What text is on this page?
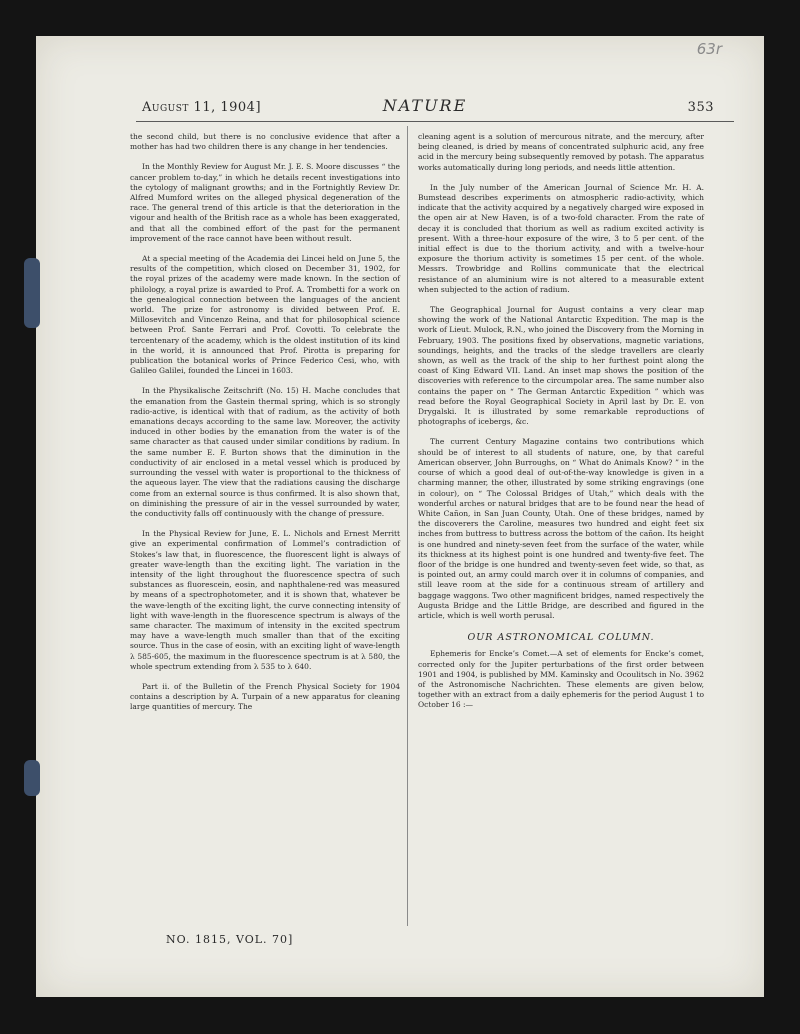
63r
August 11, 1904]	NATURE	353

the second child, but there is no conclusive evidence that after a mother has had two children there is any change in her tendencies.

In the Monthly Review for August Mr. J. E. S. Moore discusses “ the cancer problem to-day,” in which he details recent investigations into the cytology of malignant growths; and in the Fortnightly Review Dr. Alfred Mumford writes on the alleged physical degeneration of the race. The general trend of this article is that the deterioration in the vigour and health of the British race as a whole has been exaggerated, and that all the combined effort of the past for the permanent improvement of the race cannot have been without result.

At a special meeting of the Academia dei Lincei held on June 5, the results of the competition, which closed on December 31, 1902, for the royal prizes of the academy were made known. In the section of philology, a royal prize is awarded to Prof. A. Trombetti for a work on the genealogical connection between the languages of the ancient world. The prize for astronomy is divided between Prof. E. Millosevitch and Vincenzo Reina, and that for philosophical science between Prof. Sante Ferrari and Prof. Covotti. To celebrate the tercentenary of the academy, which is the oldest institution of its kind in the world, it is announced that Prof. Pirotta is preparing for publication the botanical works of Prince Federico Cesi, who, with Galileo Galilei, founded the Lincei in 1603.

In the Physikalische Zeitschrift (No. 15) H. Mache concludes that the emanation from the Gastein thermal spring, which is so strongly radio-active, is identical with that of radium, as the activity of both emanations decays according to the same law. Moreover, the activity induced in other bodies by the emanation from the water is of the same character as that caused under similar conditions by radium. In the same number E. F. Burton shows that the diminution in the conductivity of air enclosed in a metal vessel which is produced by surrounding the vessel with water is proportional to the thickness of the aqueous layer. The view that the radiations causing the discharge come from an external source is thus confirmed. It is also shown that, on diminishing the pressure of air in the vessel surrounded by water, the conductivity falls off continuously with the change of pressure.

In the Physical Review for June, E. L. Nichols and Ernest Merritt give an experimental confirmation of Lommel’s contradiction of Stokes’s law that, in fluorescence, the fluorescent light is always of greater wave-length than the exciting light. The variation in the intensity of the light throughout the fluorescence spectra of such substances as fluorescein, eosin, and naphthalene-red was measured by means of a spectrophotometer, and it is shown that, whatever be the wave-length of the exciting light, the curve connecting intensity of light with wave-length in the fluorescence spectrum is always of the same character. The maximum of intensity in the excited spectrum may have a wave-length much smaller than that of the exciting source. Thus in the case of eosin, with an exciting light of wave-length λ 585-605, the maximum in the fluorescence spectrum is at λ 580, the whole spectrum extending from λ 535 to λ 640.

Part ii. of the Bulletin of the French Physical Society for 1904 contains a description by A. Turpain of a new apparatus for cleaning large quantities of mercury. The

cleaning agent is a solution of mercurous nitrate, and the mercury, after being cleaned, is dried by means of concentrated sulphuric acid, any free acid in the mercury being subsequently removed by potash. The apparatus works automatically during long periods, and needs little attention.

In the July number of the American Journal of Science Mr. H. A. Bumstead describes experiments on atmospheric radio-activity, which indicate that the activity acquired by a negatively charged wire exposed in the open air at New Haven, is of a two-fold character. From the rate of decay it is concluded that thorium as well as radium excited activity is present. With a three-hour exposure of the wire, 3 to 5 per cent. of the initial effect is due to the thorium activity, and with a twelve-hour exposure the thorium activity is sometimes 15 per cent. of the whole. Messrs. Trowbridge and Rollins communicate that the electrical resistance of an aluminium wire is not altered to a measurable extent when subjected to the action of radium.

The Geographical Journal for August contains a very clear map showing the work of the National Antarctic Expedition. The map is the work of Lieut. Mulock, R.N., who joined the Discovery from the Morning in February, 1903. The positions fixed by observations, magnetic variations, soundings, heights, and the tracks of the sledge travellers are clearly shown, as well as the track of the ship to her furthest point along the coast of King Edward VII. Land. An inset map shows the position of the discoveries with reference to the circumpolar area. The same number also contains the paper on “ The German Antarctic Expedition ” which was read before the Royal Geographical Society in April last by Dr. E. von Drygalski. It is illustrated by some remarkable reproductions of photographs of icebergs, &c.

The current Century Magazine contains two contributions which should be of interest to all students of nature, one, by that careful American observer, John Burroughs, on “ What do Animals Know? ” in the course of which a good deal of out-of-the-way knowledge is given in a charming manner, the other, illustrated by some striking engravings (one in colour), on “ The Colossal Bridges of Utah,” which deals with the wonderful arches or natural bridges that are to be found near the head of White Cañon, in San Juan County, Utah. One of these bridges, named by the discoverers the Caroline, measures two hundred and eight feet six inches from buttress to buttress across the bottom of the cañon. Its height is one hundred and ninety-seven feet from the surface of the water, while its thickness at its highest point is one hundred and twenty-five feet. The floor of the bridge is one hundred and twenty-seven feet wide, so that, as is pointed out, an army could march over it in columns of companies, and still leave room at the side for a continuous stream of artillery and baggage waggons. Two other magnificent bridges, named respectively the Augusta Bridge and the Little Bridge, are described and figured in the article, which is well worth perusal.

OUR ASTRONOMICAL COLUMN.

Ephemeris for Encke’s Comet.—A set of elements for Encke’s comet, corrected only for the Jupiter perturbations of the first order between 1901 and 1904, is published by MM. Kaminsky and Ocoulitsch in No. 3962 of the Astronomische Nachrichten. These elements are given below, together with an extract from a daily ephemeris for the period August 1 to October 16 :—

NO. 1815, VOL. 70]
